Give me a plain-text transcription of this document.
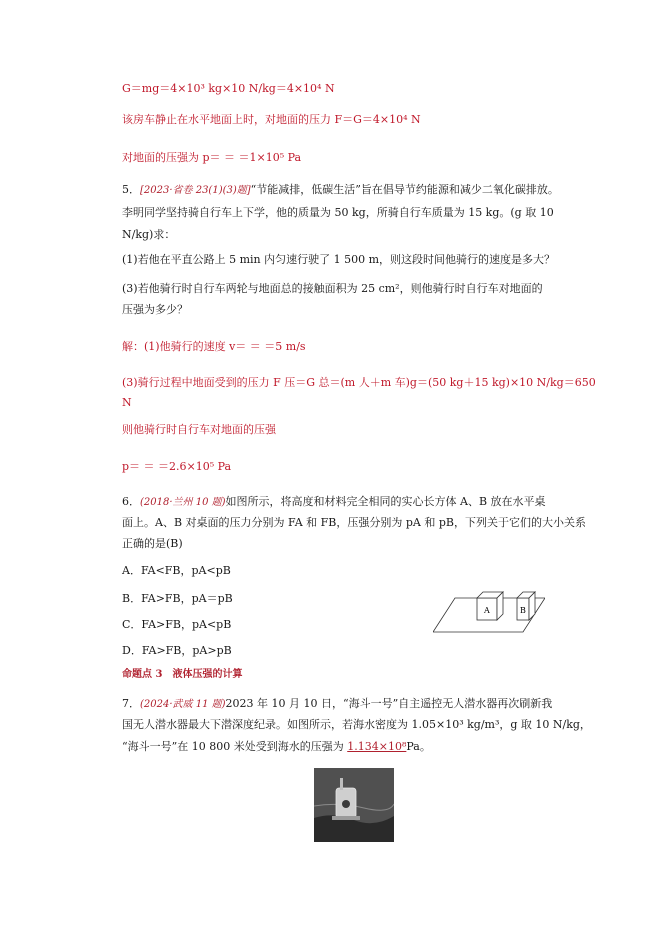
G＝mg＝4×10³ kg×10 N/kg＝4×10⁴ N
该房车静止在水平地面上时，对地面的压力 F＝G＝4×10⁴ N
对地面的压强为 p＝ ＝ ＝1×10⁵ Pa
5．[2023·省卷 23(1)(3)题]“节能减排，低碳生活”旨在倡导节约能源和减少二氧化碳排放。
李明同学坚持骑自行车上下学，他的质量为 50 kg，所骑自行车质量为 15 kg。(g 取 10
N/kg)求：
(1)若他在平直公路上 5 min 内匀速行驶了 1 500 m，则这段时间他骑行的速度是多大？
(3)若他骑行时自行车两轮与地面总的接触面积为 25 cm²，则他骑行时自行车对地面的
压强为多少？
解：(1)他骑行的速度 v＝ ＝ ＝5 m/s
(3)骑行过程中地面受到的压力 F 压＝G 总＝(m 人＋m 车)g＝(50 kg＋15 kg)×10 N/kg＝650
N
则他骑行时自行车对地面的压强
p＝ ＝ ＝2.6×10⁵ Pa
6．(2018·兰州 10 题)如图所示，将高度和材料完全相同的实心长方体 A、B 放在水平桌
面上。A、B 对桌面的压力分别为 FA 和 FB，压强分别为 pA 和 pB，下列关于它们的大小关系
正确的是(B)
A．FA<FB，pA<pB
B．FA>FB，pA＝pB
C．FA>FB，pA<pB
D．FA>FB，pA>pB
A	B
命题点 3　液体压强的计算
7．(2024·武威 11 题)2023 年 10 月 10 日，“海斗一号”自主遥控无人潜水器再次刷新我
国无人潜水器最大下潜深度纪录。如图所示，若海水密度为 1.05×10³ kg/m³，g 取 10 N/kg，
“海斗一号”在 10 800 米处受到海水的压强为 1.134×10⁸Pa。
